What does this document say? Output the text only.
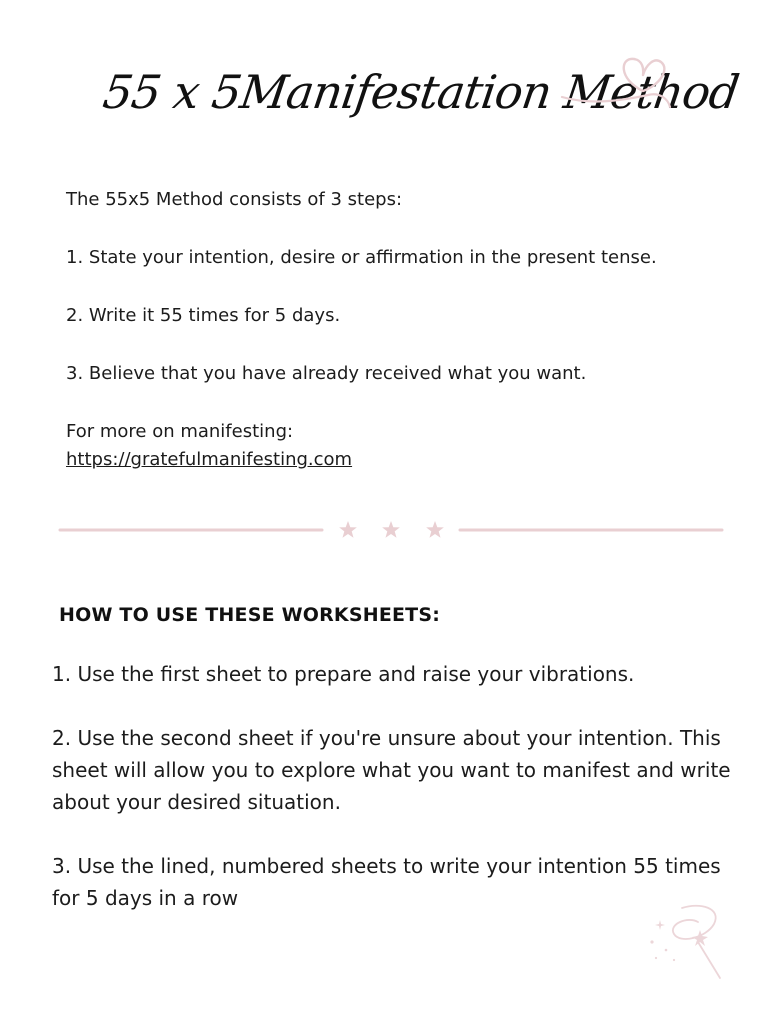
55 x 5Manifestation Method

The 55x5 Method consists of 3 steps:

1. State your intention, desire or affirmation in the present tense.

2. Write it 55 times for 5 days.

3. Believe that you have already received what you want.

For more on manifesting:

https://gratefulmanifesting.com

HOW TO USE THESE WORKSHEETS:

1. Use the first sheet to prepare and raise your vibrations.

2. Use the second sheet if you're unsure about your intention. This sheet will allow you to explore what you want to manifest and write about your desired situation.

3. Use the lined, numbered sheets to write your intention 55 times for 5 days in a row
